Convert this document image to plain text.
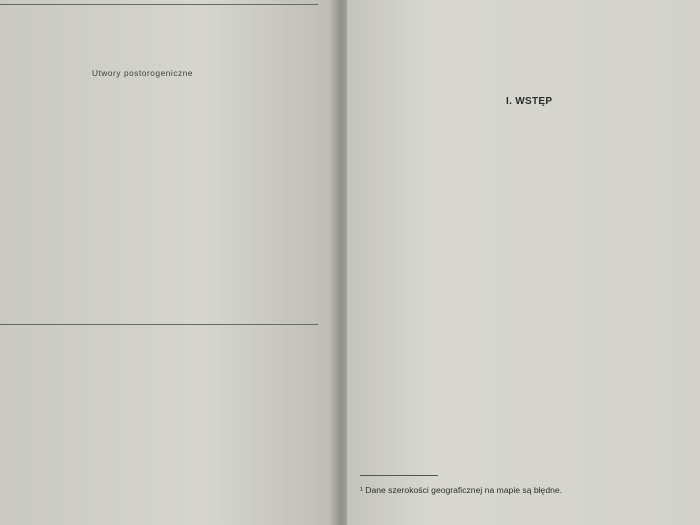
Utwory postorogeniczne
I. WSTĘP
¹ Dane szerokości geograficznej na mapie są błędne.
